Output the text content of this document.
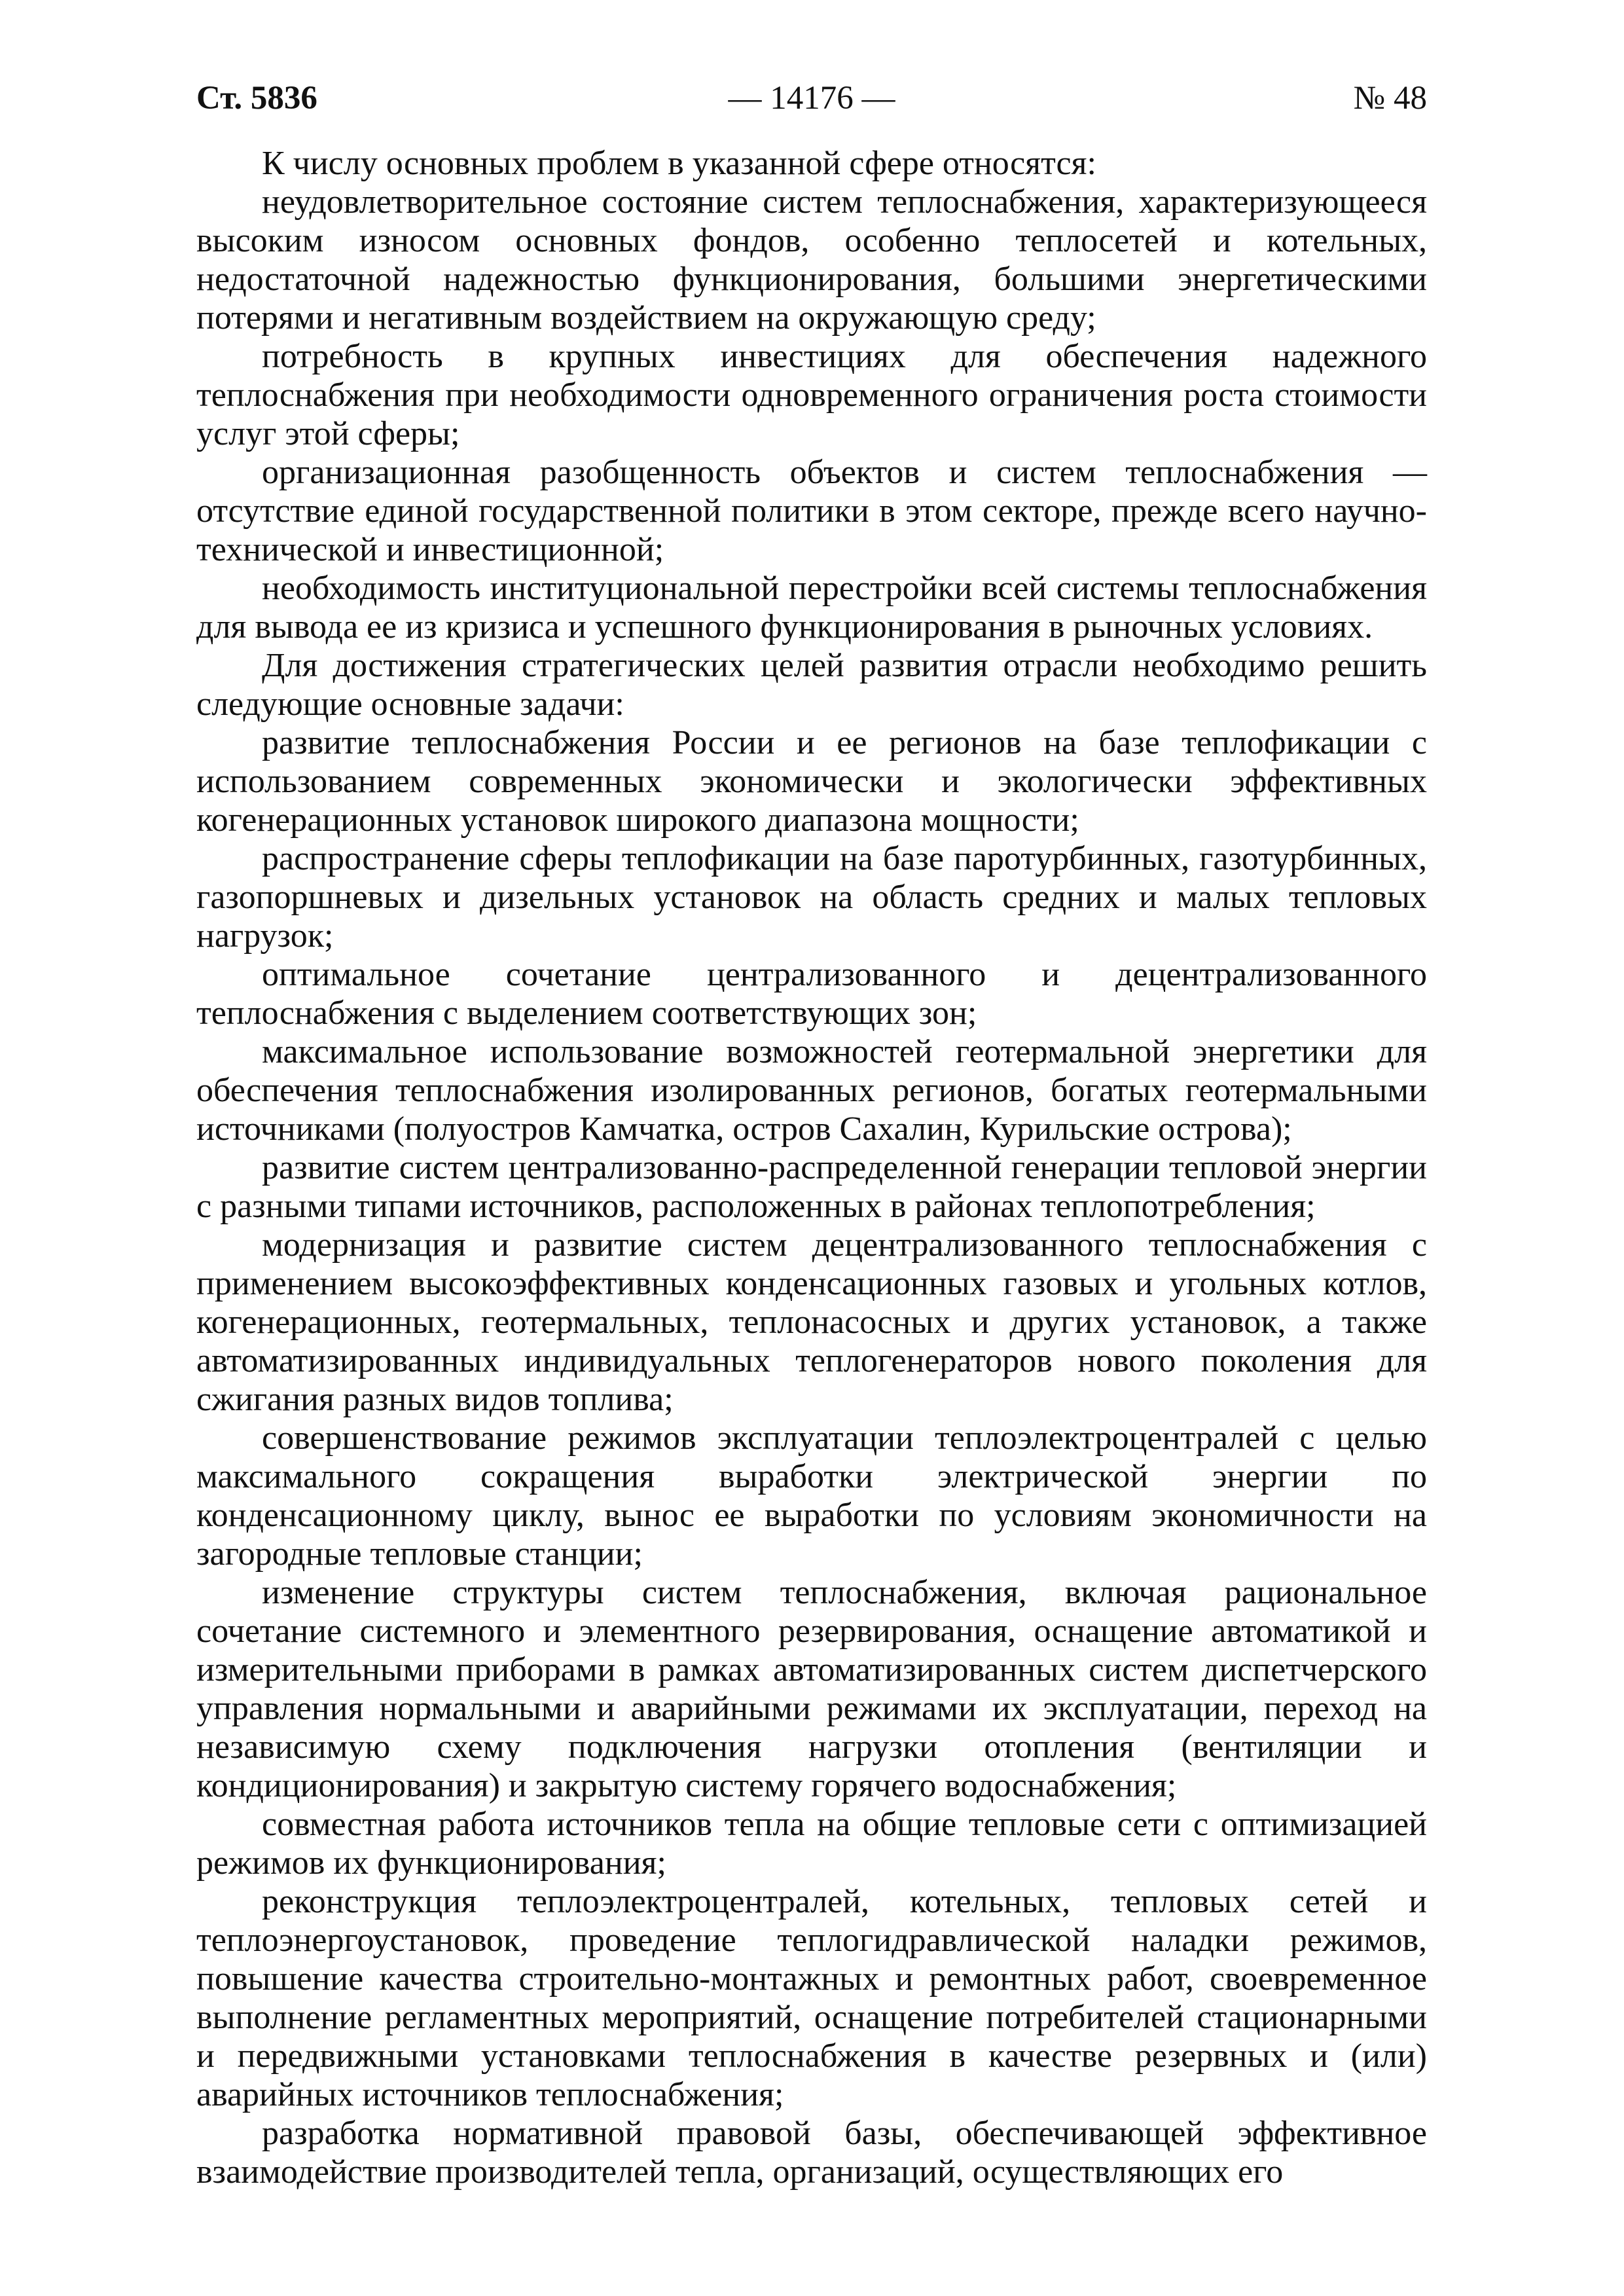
Ст. 5836	— 14176 —	№ 48

К числу основных проблем в указанной сфере относятся:

неудовлетворительное состояние систем теплоснабжения, характеризующееся высоким износом основных фондов, особенно теплосетей и котельных, недостаточной надежностью функционирования, большими энергетическими потерями и негативным воздействием на окружающую среду;

потребность в крупных инвестициях для обеспечения надежного теплоснабжения при необходимости одновременного ограничения роста стоимости услуг этой сферы;

организационная разобщенность объектов и систем теплоснабжения — отсутствие единой государственной политики в этом секторе, прежде всего научно-технической и инвестиционной;

необходимость институциональной перестройки всей системы теплоснабжения для вывода ее из кризиса и успешного функционирования в рыночных условиях.

Для достижения стратегических целей развития отрасли необходимо решить следующие основные задачи:

развитие теплоснабжения России и ее регионов на базе теплофикации с использованием современных экономически и экологически эффективных когенерационных установок широкого диапазона мощности;

распространение сферы теплофикации на базе паротурбинных, газотурбинных, газопоршневых и дизельных установок на область средних и малых тепловых нагрузок;

оптимальное сочетание централизованного и децентрализованного теплоснабжения с выделением соответствующих зон;

максимальное использование возможностей геотермальной энергетики для обеспечения теплоснабжения изолированных регионов, богатых геотермальными источниками (полуостров Камчатка, остров Сахалин, Курильские острова);

развитие систем централизованно-распределенной генерации тепловой энергии с разными типами источников, расположенных в районах теплопотребления;

модернизация и развитие систем децентрализованного теплоснабжения с применением высокоэффективных конденсационных газовых и угольных котлов, когенерационных, геотермальных, теплонасосных и других установок, а также автоматизированных индивидуальных теплогенераторов нового поколения для сжигания разных видов топлива;

совершенствование режимов эксплуатации теплоэлектроцентралей с целью максимального сокращения выработки электрической энергии по конденсационному циклу, вынос ее выработки по условиям экономичности на загородные тепловые станции;

изменение структуры систем теплоснабжения, включая рациональное сочетание системного и элементного резервирования, оснащение автоматикой и измерительными приборами в рамках автоматизированных систем диспетчерского управления нормальными и аварийными режимами их эксплуатации, переход на независимую схему подключения нагрузки отопления (вентиляции и кондиционирования) и закрытую систему горячего водоснабжения;

совместная работа источников тепла на общие тепловые сети с оптимизацией режимов их функционирования;

реконструкция теплоэлектроцентралей, котельных, тепловых сетей и теплоэнергоустановок, проведение теплогидравлической наладки режимов, повышение качества строительно-монтажных и ремонтных работ, своевременное выполнение регламентных мероприятий, оснащение потребителей стационарными и передвижными установками теплоснабжения в качестве резервных и (или) аварийных источников теплоснабжения;

разработка нормативной правовой базы, обеспечивающей эффективное взаимодействие производителей тепла, организаций, осуществляющих его
